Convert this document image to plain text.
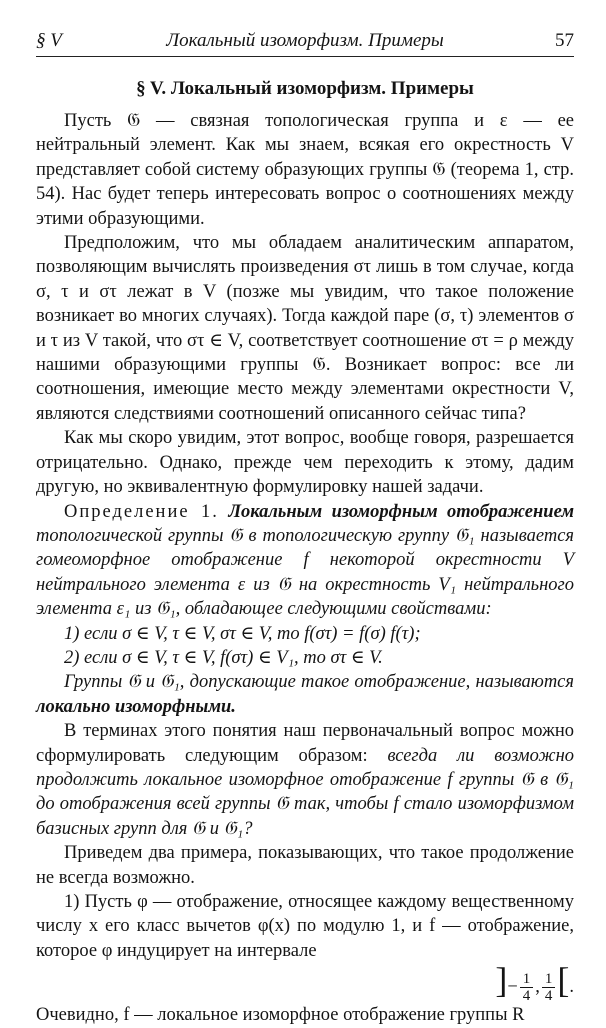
§ V	Локальный изоморфизм. Примеры	57
§ V. Локальный изоморфизм. Примеры

Пусть 𝔊 — связная топологическая группа и ε — ее нейтральный элемент. Как мы знаем, всякая его окрестность V представляет собой систему образующих группы 𝔊 (теорема 1, стр. 54). Нас будет теперь интересовать вопрос о соотношениях между этими образующими.

Предположим, что мы обладаем аналитическим аппаратом, позволяющим вычислять произведения στ лишь в том случае, когда σ, τ и στ лежат в V (позже мы увидим, что такое положение возникает во многих случаях). Тогда каждой паре (σ, τ) элементов σ и τ из V такой, что στ ∈ V, соответствует соотношение στ = ρ между нашими образующими группы 𝔊. Возникает вопрос: все ли соотношения, имеющие место между элементами окрестности V, являются следствиями соотношений описанного сейчас типа?

Как мы скоро увидим, этот вопрос, вообще говоря, разрешается отрицательно. Однако, прежде чем переходить к этому, дадим другую, но эквивалентную формулировку нашей задачи.

Определение 1. Локальным изоморфным отображением топологической группы 𝔊 в топологическую группу 𝔊₁ называется гомеоморфное отображение f некоторой окрестности V нейтрального элемента ε из 𝔊 на окрестность V₁ нейтрального элемента ε₁ из 𝔊₁, обладающее следующими свойствами:

1) если σ ∈ V, τ ∈ V, στ ∈ V, то f(στ) = f(σ) f(τ);
2) если σ ∈ V, τ ∈ V, f(στ) ∈ V₁, то στ ∈ V.

Группы 𝔊 и 𝔊₁, допускающие такое отображение, называются локально изоморфными.

В терминах этого понятия наш первоначальный вопрос можно сформулировать следующим образом: всегда ли возможно продолжить локальное изоморфное отображение f группы 𝔊 в 𝔊₁ до отображения всей группы 𝔊 так, чтобы f стало изоморфизмом базисных групп для 𝔊 и 𝔊₁?

Приведем два примера, показывающих, что такое продолжение не всегда возможно.

1) Пусть φ — отображение, относящее каждому вещественному числу x его класс вычетов φ(x) по модулю 1, и f — отображение, которое φ индуцирует на интервале

]− $\frac{1}{4}$ , $\frac{1}{4}$ [.

Очевидно, f — локальное изоморфное отображение группы R
